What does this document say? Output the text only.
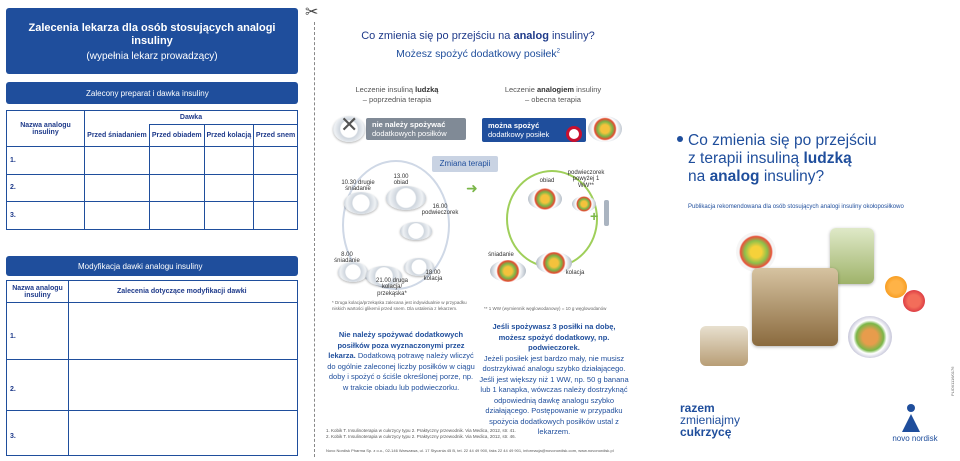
Zalecenia lekarza dla osób stosujących analogi insuliny
(wypełnia lekarz prowadzący)
Zalecony preparat i dawka insuliny
Nazwa analogu insuliny	Dawka			
	Przed śniadaniem	Przed obiadem	Przed kolacją	Przed snem
1.				
2.				
3.				
Modyfikacja dawki analogu insuliny
Nazwa analogu insuliny	Zalecenia dotyczące modyfikacji dawki
1.	
2.	
3.	
✂
Co zmienia się po przejściu na analog insuliny?
Możesz spożyć dodatkowy posiłek$^2$
Leczenie insuliną ludzką
– poprzednia terapia
Leczenie analogiem insuliny
– obecna terapia
nie należy spożywać
dodatkowych posiłków
✕
10.30 drugie śniadanie
13.00 obiad
16.00 podwieczorek
8.00 śniadanie
21.00 druga kolacja/ przekąska*
18.00 kolacja
Zmiana terapii
➜
można spożyć
dodatkowy posiłek
obiad
podwieczorek powyżej 1 WW**
+
śniadanie
kolacja
* Druga kolacja/przekąska zalecana jest indywidualnie w przypadku niskich wartości glikemii przed snem. Dla ustalenia z lekarzem.	** 1 WW (wymiennik węglowodanowy) = 10 g węglowodanów
Nie należy spożywać dodatkowych posiłków poza wyznaczonymi przez lekarza. Dodatkową potrawę należy wliczyć do ogólnie zaleconej liczby posiłków w ciągu doby i spożyć o ściśle określonej porze, np. w trakcie obiadu lub podwieczorku.
Jeśli spożywasz 3 posiłki na dobę, możesz spożyć dodatkowy, np. podwieczorek.
Jeżeli posiłek jest bardzo mały, nie musisz dostrzykiwać analogu szybko działającego. Jeśli jest większy niż 1 WW, np. 50 g banana lub 1 kanapka, wówczas należy dostrzyknąć odpowiednią dawkę analogu szybko działającego. Postępowanie w przypadku spożycia dodatkowych posiłków ustal z lekarzem.
1. Kobik T. Insulinoterapia w cukrzycy typu 2. Praktyczny przewodnik. Via Medica, 2012, str. 41.
2. Kobik T. Insulinoterapia w cukrzycy typu 2. Praktyczny przewodnik. Via Medica, 2012, str. 46.
Novo Nordisk Pharma Sp. z o.o., 02-146 Warszawa, ul. 17 Stycznia 45 B, tel. 22 44 49 900, faks 22 44 49 901, informacja@novonordisk.com, www.novonordisk.pl
Co zmienia się po przejściu
z terapii insuliną ludzką
na analog insuliny?
Publikacja rekomendowana dla osób stosujących analogi insuliny okołoposiłkowo
razem
zmieniajmy
cukrzycę	novo nordisk
PL/DI/1116/0176
